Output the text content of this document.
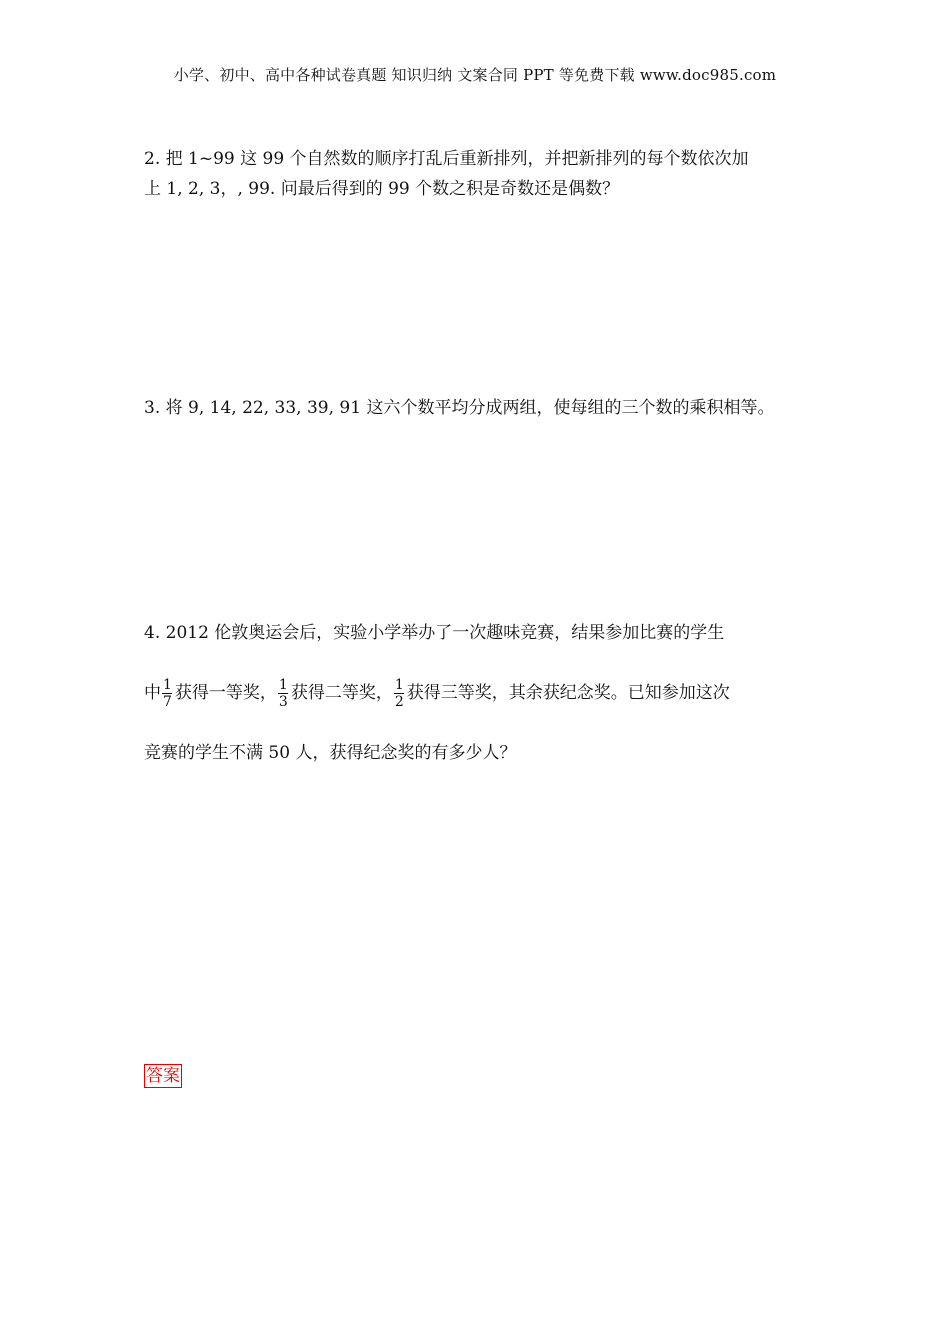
小学、初中、高中各种试卷真题 知识归纳 文案合同 PPT 等免费下载 www.doc985.com
2. 把 1~99 这 99 个自然数的顺序打乱后重新排列，并把新排列的每个数依次加
上 1, 2, 3，, 99. 问最后得到的 99 个数之积是奇数还是偶数？
3. 将 9, 14, 22, 33, 39, 91 这六个数平均分成两组，使每组的三个数的乘积相等。
4. 2012 伦敦奥运会后，实验小学举办了一次趣味竞赛，结果参加比赛的学生
中 $\frac{1}{7}$ 获得一等奖， $\frac{1}{3}$ 获得二等奖， $\frac{1}{2}$ 获得三等奖，其余获纪念奖。已知参加这次
竞赛的学生不满 50 人，获得纪念奖的有多少人？
答案
